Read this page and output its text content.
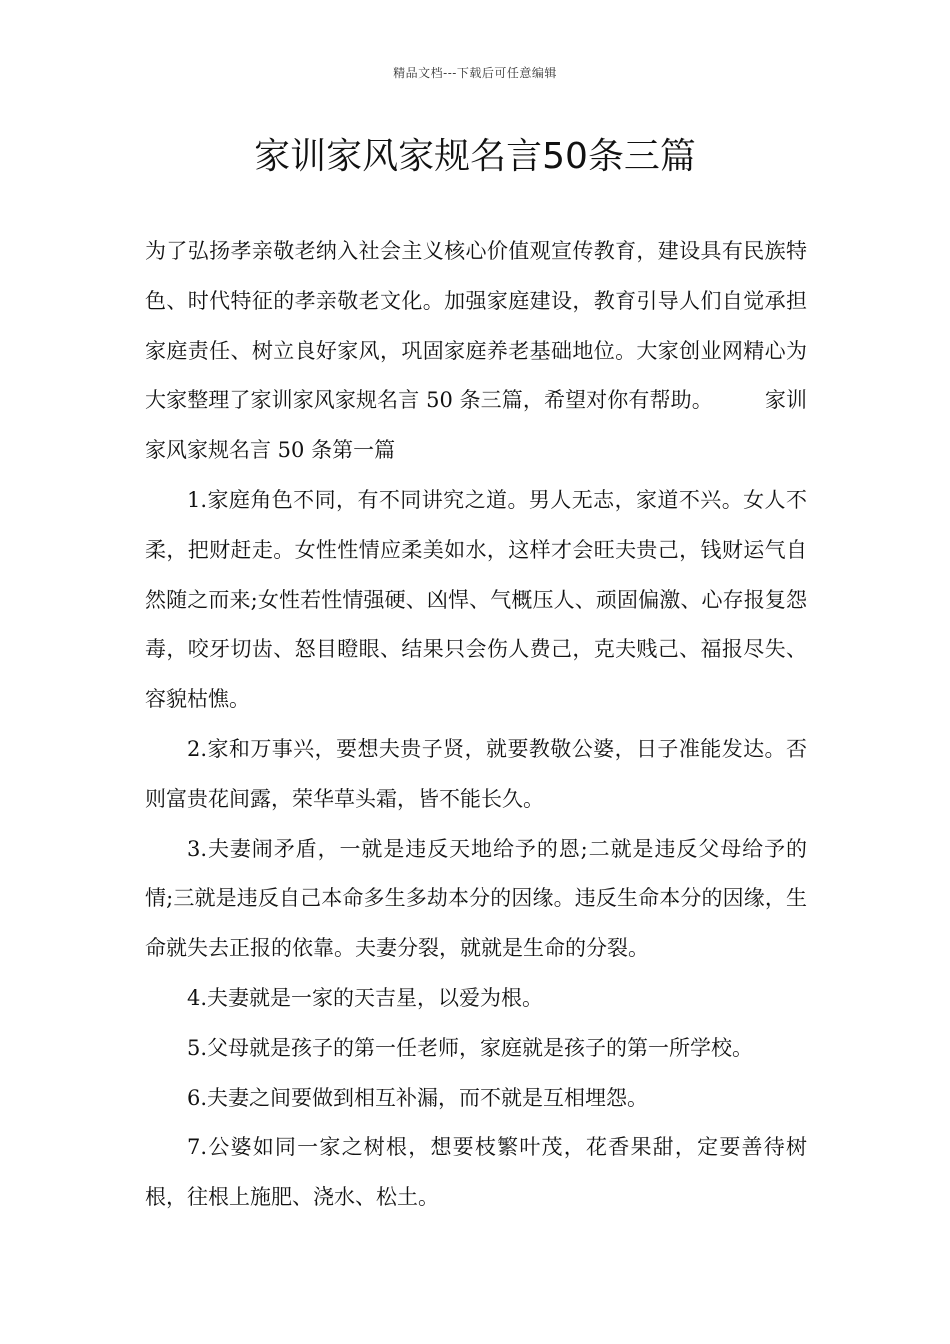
精品文档---下载后可任意编辑
家训家风家规名言50条三篇

为了弘扬孝亲敬老纳入社会主义核心价值观宣传教育，建设具有民族特色、时代特征的孝亲敬老文化。加强家庭建设，教育引导人们自觉承担家庭责任、树立良好家风，巩固家庭养老基础地位。大家创业网精心为大家整理了家训家风家规名言 50 条三篇，希望对你有帮助。 家训家风家规名言 50 条第一篇

1.家庭角色不同，有不同讲究之道。男人无志，家道不兴。女人不柔，把财赶走。女性性情应柔美如水，这样才会旺夫贵己，钱财运气自然随之而来;女性若性情强硬、凶悍、气概压人、顽固偏激、心存报复怨毒，咬牙切齿、怒目瞪眼、结果只会伤人费己，克夫贱己、福报尽失、容貌枯憔。

2.家和万事兴，要想夫贵子贤，就要教敬公婆，日子准能发达。否则富贵花间露，荣华草头霜，皆不能长久。

3.夫妻闹矛盾，一就是违反天地给予的恩;二就是违反父母给予的情;三就是违反自己本命多生多劫本分的因缘。违反生命本分的因缘，生命就失去正报的依靠。夫妻分裂，就就是生命的分裂。

4.夫妻就是一家的天吉星，以爱为根。

5.父母就是孩子的第一任老师，家庭就是孩子的第一所学校。

6.夫妻之间要做到相互补漏，而不就是互相埋怨。

7.公婆如同一家之树根，想要枝繁叶茂，花香果甜，定要善待树根，往根上施肥、浇水、松土。
